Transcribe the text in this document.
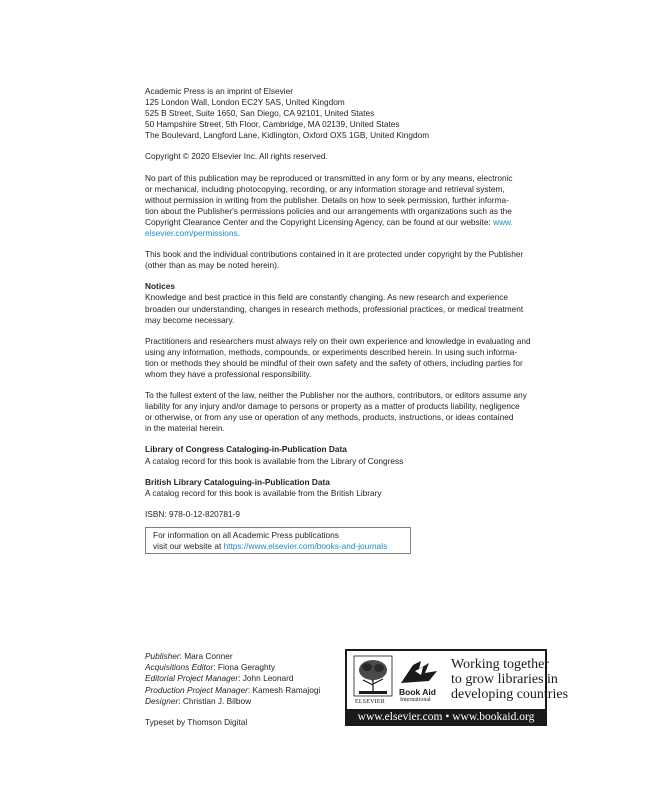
Academic Press is an imprint of Elsevier
125 London Wall, London EC2Y 5AS, United Kingdom
525 B Street, Suite 1650, San Diego, CA 92101, United States
50 Hampshire Street, 5th Floor, Cambridge, MA 02139, United States
The Boulevard, Langford Lane, Kidlington, Oxford OX5 1GB, United Kingdom
Copyright © 2020 Elsevier Inc. All rights reserved.
No part of this publication may be reproduced or transmitted in any form or by any means, electronic
or mechanical, including photocopying, recording, or any information storage and retrieval system,
without permission in writing from the publisher. Details on how to seek permission, further informa-
tion about the Publisher's permissions policies and our arrangements with organizations such as the
Copyright Clearance Center and the Copyright Licensing Agency, can be found at our website: www.
elsevier.com/permissions.
This book and the individual contributions contained in it are protected under copyright by the Publisher
(other than as may be noted herein).
Notices
Knowledge and best practice in this field are constantly changing. As new research and experience
broaden our understanding, changes in research methods, professional practices, or medical treatment
may become necessary.
Practitioners and researchers must always rely on their own experience and knowledge in evaluating and
using any information, methods, compounds, or experiments described herein. In using such informa-
tion or methods they should be mindful of their own safety and the safety of others, including parties for
whom they have a professional responsibility.
To the fullest extent of the law, neither the Publisher nor the authors, contributors, or editors assume any
liability for any injury and/or damage to persons or property as a matter of products liability, negligence
or otherwise, or from any use or operation of any methods, products, instructions, or ideas contained
in the material herein.
Library of Congress Cataloging-in-Publication Data
A catalog record for this book is available from the Library of Congress
British Library Cataloguing-in-Publication Data
A catalog record for this book is available from the British Library
ISBN: 978-0-12-820781-9
For information on all Academic Press publications
visit our website at https://www.elsevier.com/books-and-journals
Publisher: Mara Conner
Acquisitions Editor: Fiona Geraghty
Editorial Project Manager: John Leonard
Production Project Manager: Kamesh Ramajogi
Designer: Christian J. Bilbow
Typeset by Thomson Digital
ELSEVIER
Book Aid
International
Working together
to grow libraries in
developing countries
www.elsevier.com • www.bookaid.org
